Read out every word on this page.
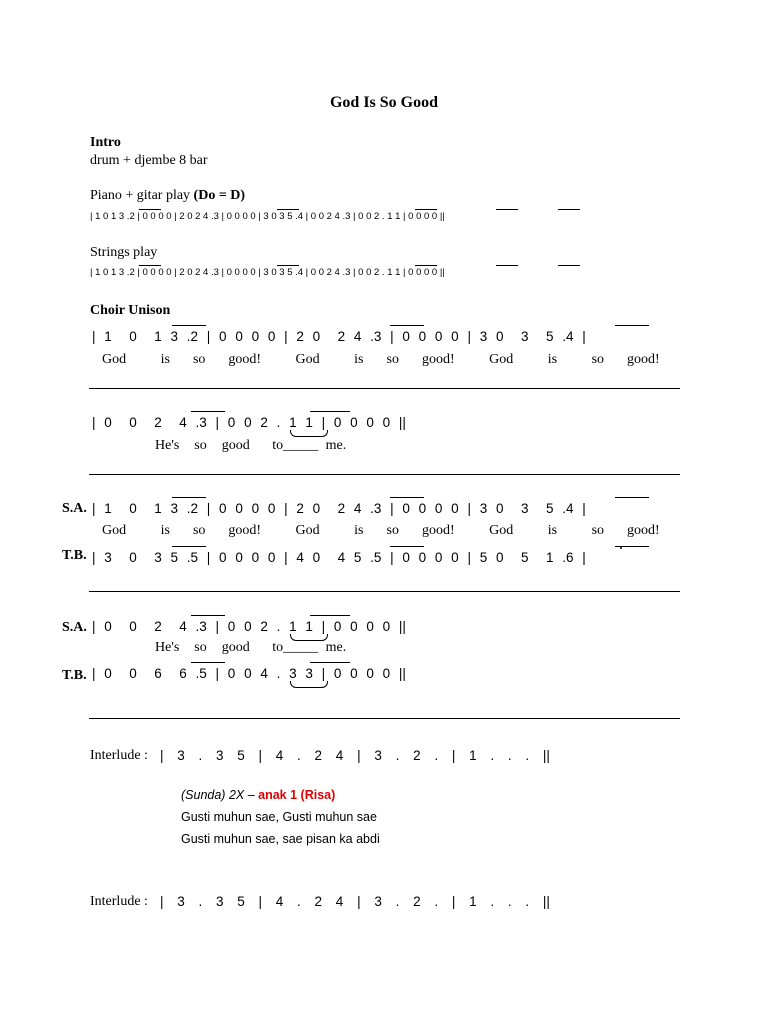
God Is So Good
Intro
drum + djembe 8 bar
Piano + gitar play (Do = D)
| 1 0 1 3 .2 | 0 0 0 0 | 2 0 2 4 .3 | 0 0 0 0 | 3 0 3 5 .4 | 0 0 2 4 .3 | 0 0 2 . 1 1 | 0 0 0 0 ||
Strings play
| 1 0 1 3 .2 | 0 0 0 0 | 2 0 2 4 .3 | 0 0 0 0 | 3 0 3 5 .4 | 0 0 2 4 .3 | 0 0 2 . 1 1 | 0 0 0 0 ||
Choir Unison
| 1  0  1 3 .2 | 0 0 0 0 | 2 0  2 4 .3 | 0 0 0 0 | 3 0  3  5 .4 |
God   is  so  good!   God   is  so  good!   God   is   so  good!
| 0  0  2  4 .3 | 0 0 2 . 1 1 | 0 0 0 0 ||
He's  so  good   to_____ me.
S.A. | 1  0  1 3 .2 | 0 0 0 0 | 2 0  2 4 .3 | 0 0 0 0 | 3 0  3  5 .4 |
God   is  so  good!   God   is  so  good!   God   is   so  good!
T.B. | 3  0  3 5 .5 | 0 0 0 0 | 4 0  4 5 .5 | 0 0 0 0 | 5 0  5  1 .6 |
S.A. | 0  0  2  4 .3 | 0 0 2 . 1 1 | 0 0 0 0 ||
He's  so  good   to_____ me.
T.B. | 0  0  6  6 .5 | 0 0 4 . 3 3 | 0 0 0 0 ||
Interlude : | 3 . 3 5 | 4 . 2 4 | 3 . 2 . | 1 . . . ||
(Sunda) 2X – anak 1 (Risa)
Gusti muhun sae, Gusti muhun sae
Gusti muhun sae, sae pisan ka abdi
Interlude : | 3 . 3 5 | 4 . 2 4 | 3 . 2 . | 1 . . . ||
